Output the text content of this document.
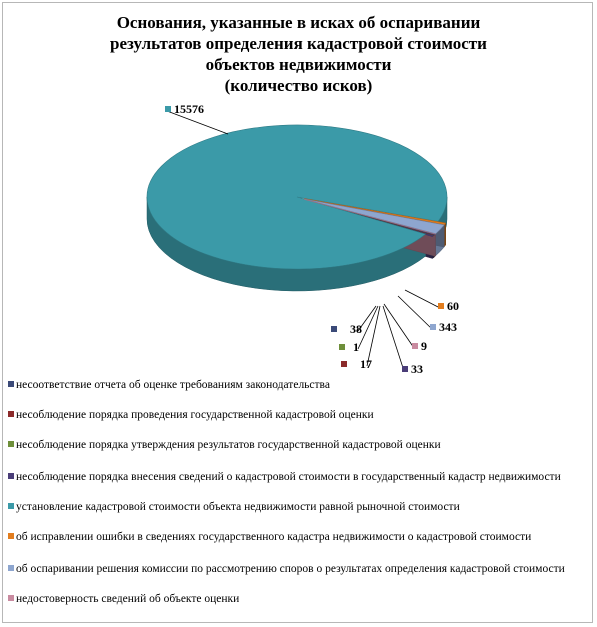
Основания, указанные в исках об оспаривании
результатов определения кадастровой стоимости
объектов недвижимости
(количество исков)
38
17
1
33
15576
60
343
9
несоответствие отчета об оценке требованиям законодательства
несоблюдение порядка проведения государственной кадастровой оценки
несоблюдение порядка утверждения результатов государственной кадастровой оценки
несоблюдение порядка внесения сведений о кадастровой стоимости в государственный кадастр недвижимости
установление кадастровой стоимости объекта недвижимости равной рыночной стоимости
об исправлении ошибки в сведениях государственного кадастра недвижимости о кадастровой стоимости
об оспаривании решения комиссии по рассмотрению споров о результатах определения кадастровой стоимости
недостоверность сведений об объекте оценки
